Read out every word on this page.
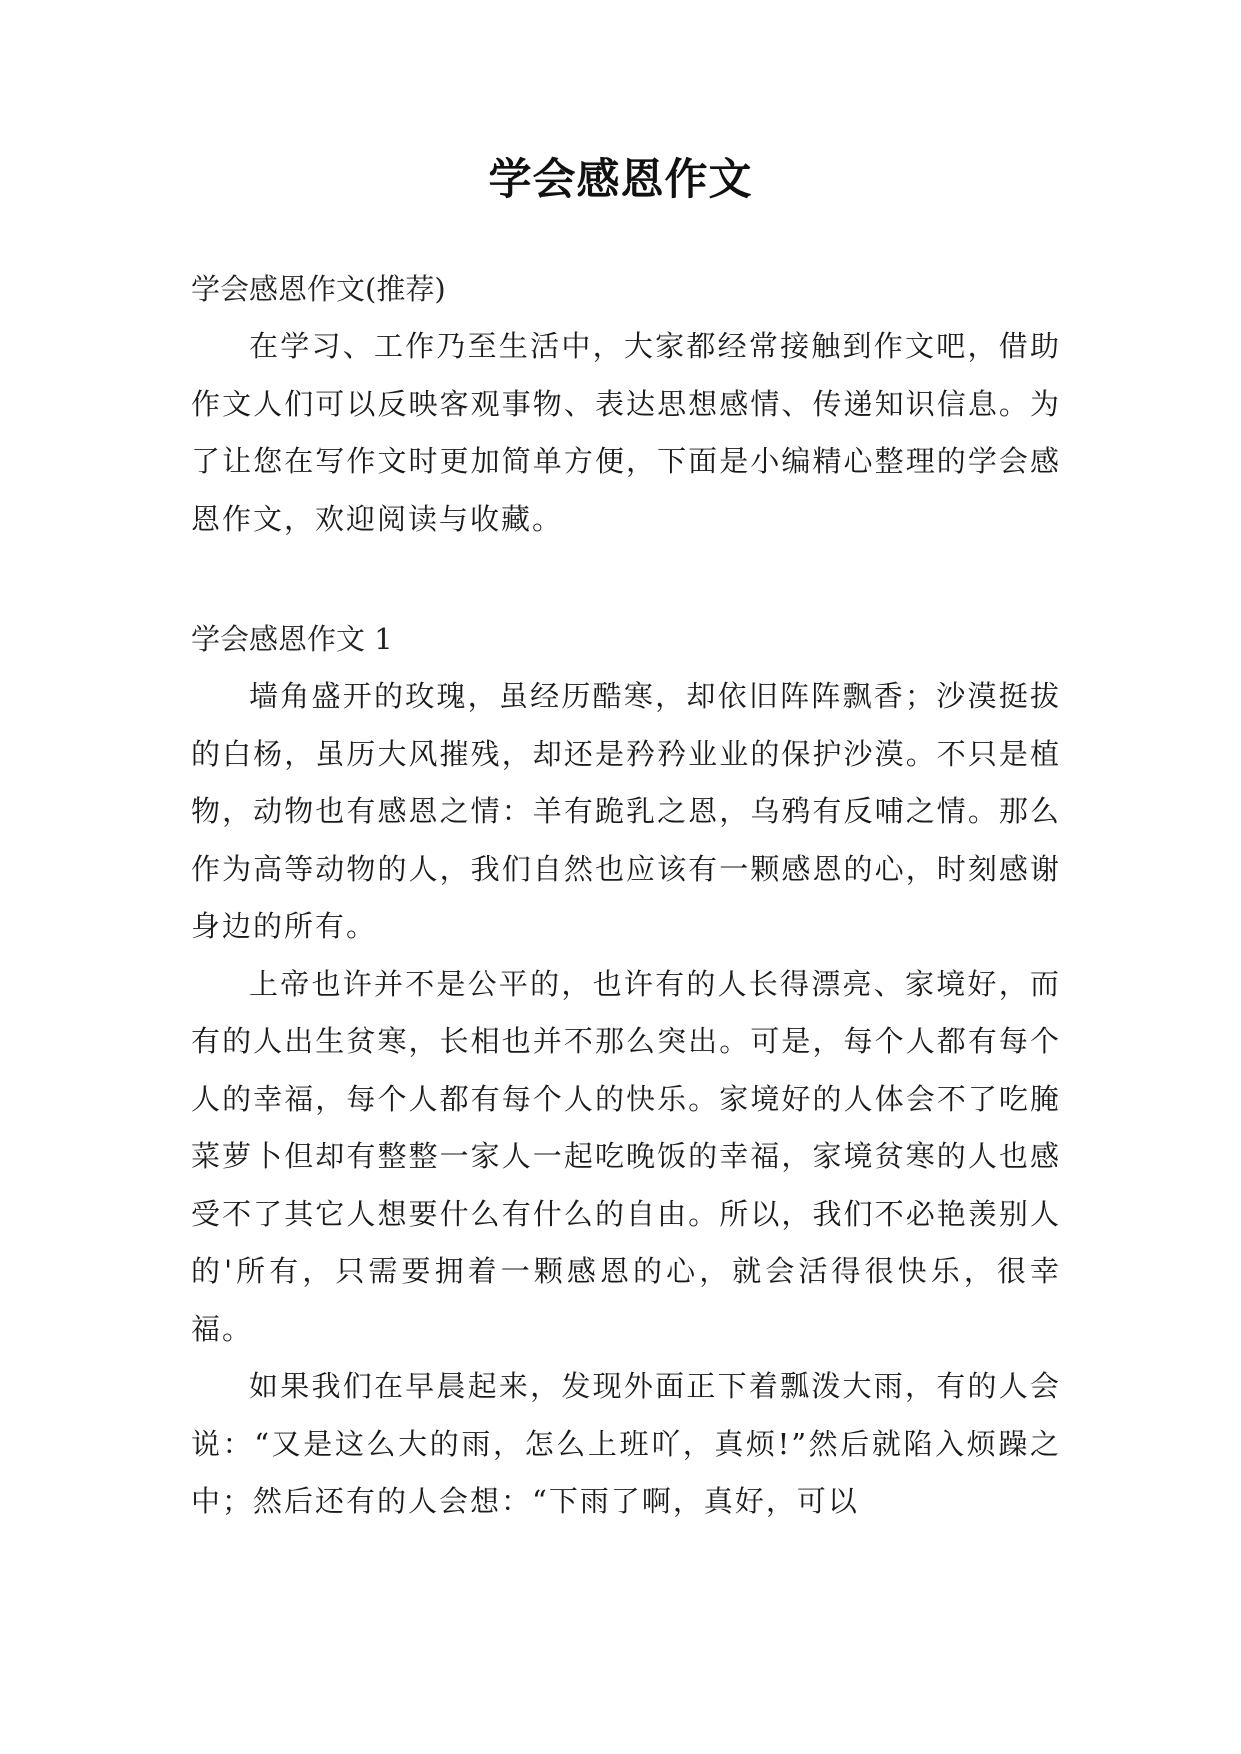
学会感恩作文

学会感恩作文(推荐)

在学习、工作乃至生活中，大家都经常接触到作文吧，借助作文人们可以反映客观事物、表达思想感情、传递知识信息。为了让您在写作文时更加简单方便，下面是小编精心整理的学会感恩作文，欢迎阅读与收藏。

学会感恩作文 1

墙角盛开的玫瑰，虽经历酷寒，却依旧阵阵飘香；沙漠挺拔的白杨，虽历大风摧残，却还是矜矜业业的保护沙漠。不只是植物，动物也有感恩之情：羊有跪乳之恩，乌鸦有反哺之情。那么作为高等动物的人，我们自然也应该有一颗感恩的心，时刻感谢身边的所有。

上帝也许并不是公平的，也许有的人长得漂亮、家境好，而有的人出生贫寒，长相也并不那么突出。可是，每个人都有每个人的幸福，每个人都有每个人的快乐。家境好的人体会不了吃腌菜萝卜但却有整整一家人一起吃晚饭的幸福，家境贫寒的人也感受不了其它人想要什么有什么的自由。所以，我们不必艳羡别人的'所有，只需要拥着一颗感恩的心，就会活得很快乐，很幸福。

如果我们在早晨起来，发现外面正下着瓢泼大雨，有的人会说：“又是这么大的雨，怎么上班吖，真烦!”然后就陷入烦躁之中；然后还有的人会想：“下雨了啊，真好，可以
